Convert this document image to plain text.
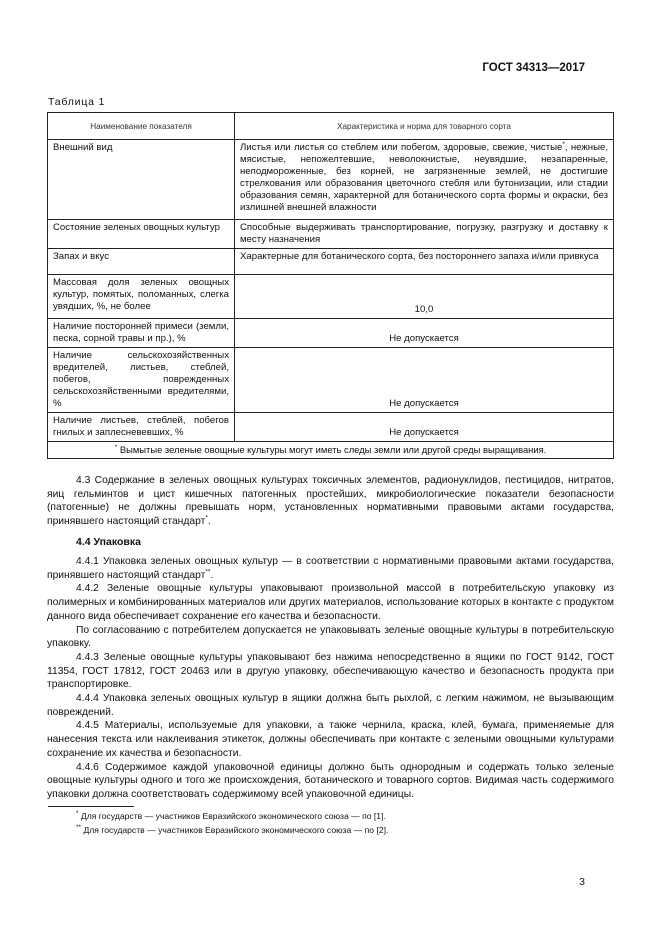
ГОСТ 34313—2017
Таблица 1
Наименование показателя	Характеристика и норма для товарного сорта
Внешний вид	Листья или листья со стеблем или побегом, здоровые, свежие, чистые*, нежные, мясистые, непожелтевшие, неволокнистые, неувядшие, незапаренные, неподмороженные, без корней, не загрязненные землей, не достигшие стрелкования или образования цветочного стебля или бутонизации, или стадии образования семян, характерной для ботанического сорта формы и окраски, без излишней внешней влажности
Состояние зеленых овощных культур	Способные выдерживать транспортирование, погрузку, разгрузку и доставку к месту назначения
Запах и вкус	Характерные для ботанического сорта, без постороннего запаха и/или привкуса
Массовая доля зеленых овощных культур, помятых, поломанных, слегка увядших, %, не более	10,0
Наличие посторонней примеси (земли, песка, сорной травы и пр.), %	Не допускается
Наличие сельскохозяйственных вредителей, листьев, стеблей, побегов, поврежденных сельскохозяйственными вредителями, %	Не допускается
Наличие листьев, стеблей, побегов гнилых и заплесневевших, %	Не допускается
* Вымытые зеленые овощные культуры могут иметь следы земли или другой среды выращивания.	

4.3 Содержание в зеленых овощных культурах токсичных элементов, радионуклидов, пестицидов, нитратов, яиц гельминтов и цист кишечных патогенных простейших, микробиологические показатели безопасности (патогенные) не должны превышать норм, установленных нормативными правовыми актами государства, принявшего настоящий стандарт*.

4.4 Упаковка

4.4.1 Упаковка зеленых овощных культур — в соответствии с нормативными правовыми актами государства, принявшего настоящий стандарт**.

4.4.2 Зеленые овощные культуры упаковывают произвольной массой в потребительскую упаковку из полимерных и комбинированных материалов или других материалов, использование которых в контакте с продуктом данного вида обеспечивает сохранение его качества и безопасности.

По согласованию с потребителем допускается не упаковывать зеленые овощные культуры в потребительскую упаковку.

4.4.3 Зеленые овощные культуры упаковывают без нажима непосредственно в ящики по ГОСТ 9142, ГОСТ 11354, ГОСТ 17812, ГОСТ 20463 или в другую упаковку, обеспечивающую качество и безопасность продукта при транспортировке.

4.4.4 Упаковка зеленых овощных культур в ящики должна быть рыхлой, с легким нажимом, не вызывающим повреждений.

4.4.5 Материалы, используемые для упаковки, а также чернила, краска, клей, бумага, применяемые для нанесения текста или наклеивания этикеток, должны обеспечивать при контакте с зелеными овощными культурами сохранение их качества и безопасности.

4.4.6 Содержимое каждой упаковочной единицы должно быть однородным и содержать только зеленые овощные культуры одного и того же происхождения, ботанического и товарного сортов. Видимая часть содержимого упаковки должна соответствовать содержимому всей упаковочной единицы.

* Для государств — участников Евразийского экономического союза — по [1].
** Для государств — участников Евразийского экономического союза — по [2].
3
